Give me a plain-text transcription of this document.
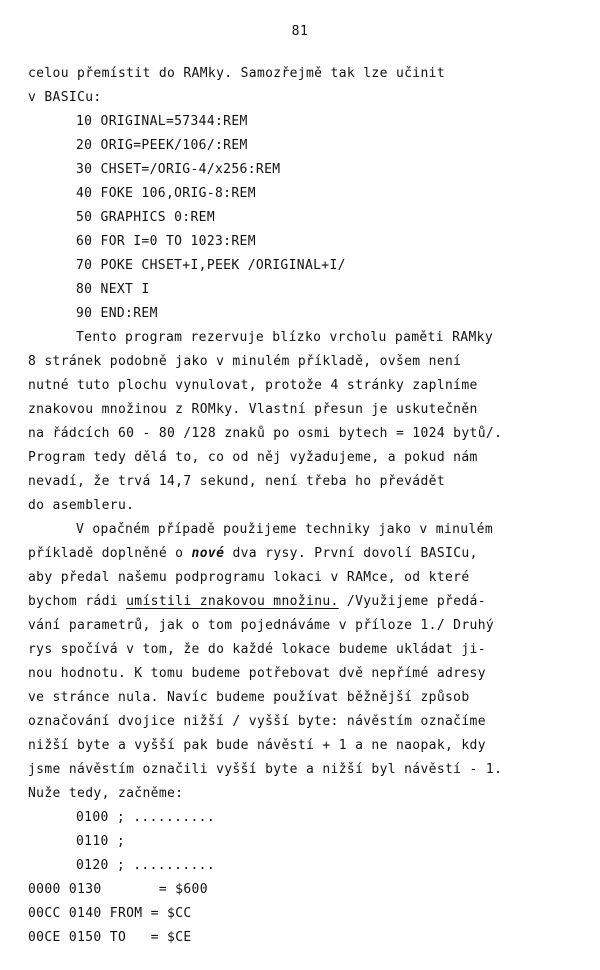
81
celou přemístit do RAMky. Samozřejmě tak lze učinit
v BASICu:
10 ORIGINAL=57344:REM
20 ORIG=PEEK/106/:REM
30 CHSET=/ORIG-4/x256:REM
40 FOKE 106,ORIG-8:REM
50 GRAPHICS 0:REM
60 FOR I=0 TO 1023:REM
70 POKE CHSET+I,PEEK /ORIGINAL+I/
80 NEXT I
90 END:REM
Tento program rezervuje blízko vrcholu paměti RAMky
8 stránek podobně jako v minulém příkladě, ovšem není
nutné tuto plochu vynulovat, protože 4 stránky zaplníme
znakovou množinou z ROMky. Vlastní přesun je uskutečněn
na řádcích 60 - 80 /128 znaků po osmi bytech = 1024 bytů/.
Program tedy dělá to, co od něj vyžadujeme, a pokud nám
nevadí, že trvá 14,7 sekund, není třeba ho převádět
do asembleru.
V opačném případě použijeme techniky jako v minulém
příkladě doplněné o nové dva rysy. První dovolí BASICu,
aby předal našemu podprogramu lokaci v RAMce, od které
bychom rádi umístili znakovou množinu. /Využijeme předá-
vání parametrů, jak o tom pojednáváme v příloze 1./ Druhý
rys spočívá v tom, že do každé lokace budeme ukládat ji-
nou hodnotu. K tomu budeme potřebovat dvě nepřímé adresy
ve stránce nula. Navíc budeme používat běžnější způsob
označování dvojice nižší / vyšší byte: návěstím označíme
nižší byte a vyšší pak bude návěstí + 1 a ne naopak, kdy
jsme návěstím označili vyšší byte a nižší byl návěstí - 1.
Nuže tedy, začněme:
0100 ; ..........
0110 ;
0120 ; ..........
0000 0130       = $600
00CC 0140 FROM = $CC
00CE 0150 TO   = $CE
